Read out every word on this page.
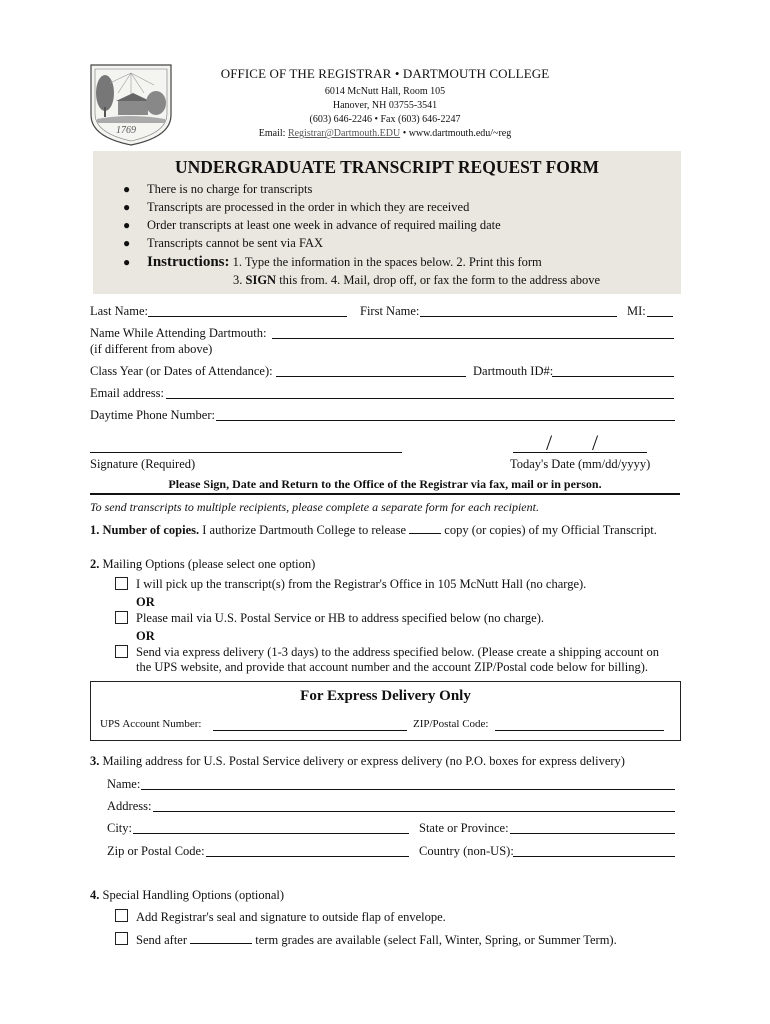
1769
OFFICE OF THE REGISTRAR • DARTMOUTH COLLEGE
6014 McNutt Hall, Room 105
Hanover, NH 03755-3541
(603) 646-2246 • Fax (603) 646-2247
Email: Registrar@Dartmouth.EDU • www.dartmouth.edu/~reg
UNDERGRADUATE TRANSCRIPT REQUEST FORM
● There is no charge for transcripts
● Transcripts are processed in the order in which they are received
● Order transcripts at least one week in advance of required mailing date
● Transcripts cannot be sent via FAX
● Instructions: 1. Type the information in the spaces below. 2. Print this form
3. SIGN this from. 4. Mail, drop off, or fax the form to the address above
Last Name:	First Name:	MI:
Name While Attending Dartmouth:
(if different from above)
Class Year (or Dates of Attendance):	Dartmouth ID#:
Email address:
Daytime Phone Number:
/ /
Signature (Required)	Today's Date (mm/dd/yyyy)
Please Sign, Date and Return to the Office of the Registrar via fax, mail or in person.
To send transcripts to multiple recipients, please complete a separate form for each recipient.
1. Number of copies. I authorize Dartmouth College to release	copy (or copies) of my Official Transcript.
2. Mailing Options (please select one option)
I will pick up the transcript(s) from the Registrar's Office in 105 McNutt Hall (no charge).
OR
Please mail via U.S. Postal Service or HB to address specified below (no charge).
OR
Send via express delivery (1-3 days) to the address specified below. (Please create a shipping account on
the UPS website, and provide that account number and the account ZIP/Postal code below for billing).
For Express Delivery Only
UPS Account Number:	ZIP/Postal Code:
3. Mailing address for U.S. Postal Service delivery or express delivery (no P.O. boxes for express delivery)
Name:
Address:
City:	State or Province:
Zip or Postal Code:	Country (non-US):
4. Special Handling Options (optional)
Add Registrar's seal and signature to outside flap of envelope.
Send after	term grades are available (select Fall, Winter, Spring, or Summer Term).
